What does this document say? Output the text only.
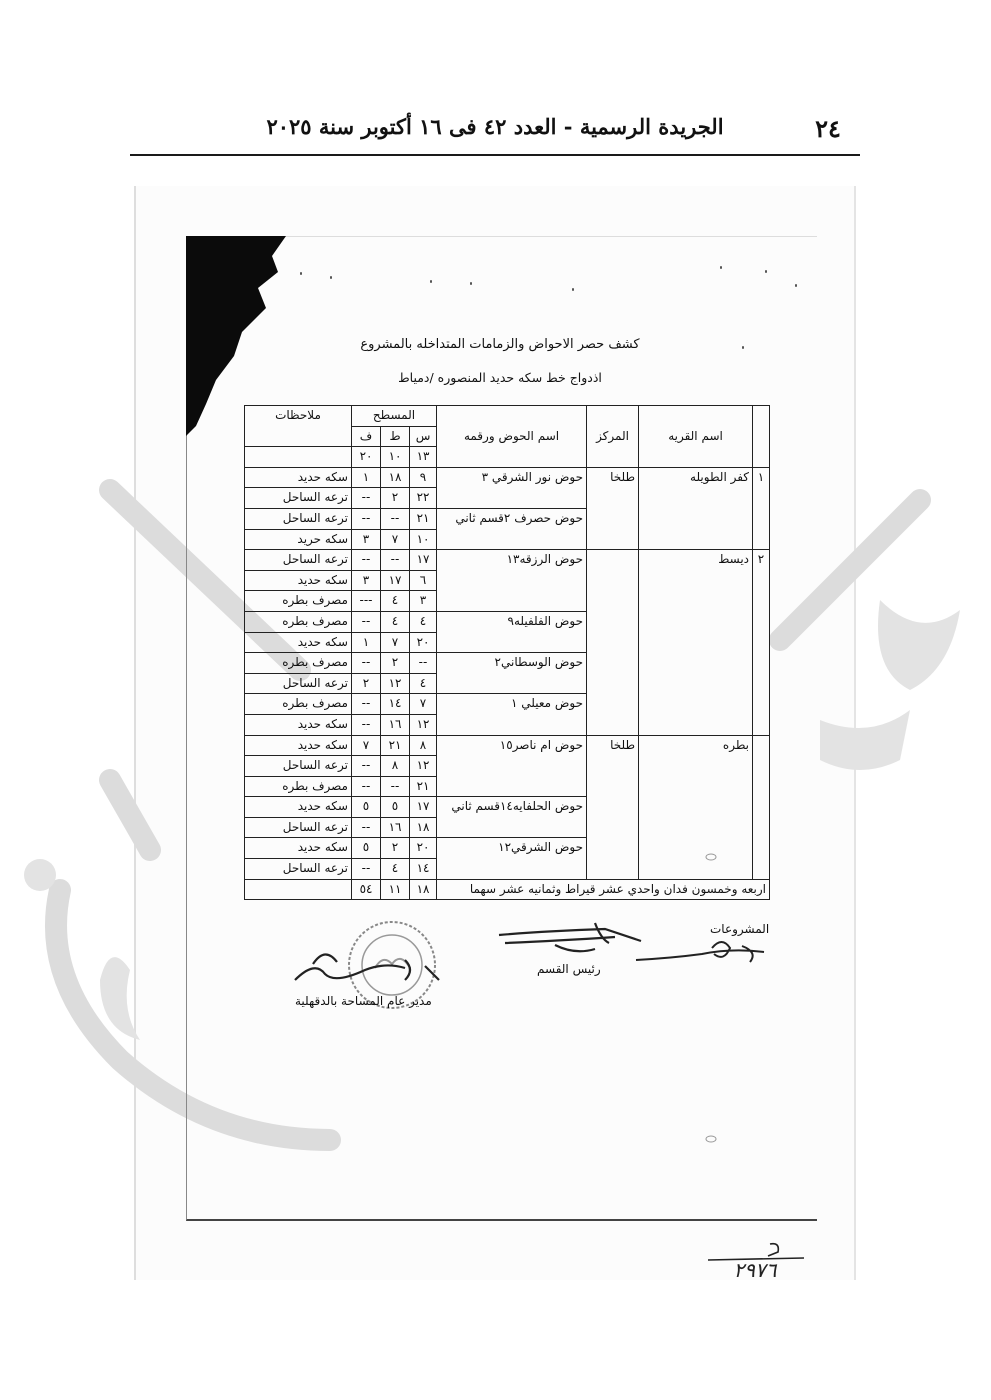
٢٤
الجريدة الرسمية - العدد ٤٢ فى ١٦ أكتوبر سنة ٢٠٢٥
كشف حصر الاحواض والزمامات المتداخله بالمشروع
اذدواج خط سكه حديد المنصوره /دمياط
	اسم القريه	المركز	اسم الحوض ورقمه	المسطح			ملاحظات
				س	ط	ف	
				١٣	١٠	٢٠	
١	كفر الطويله	طلخا	حوض نور الشرقي ٣	٩	١٨	١	سكه حديد
				٢٢	٢	--	ترعه الساحل
			حوض حصرف ٢قسم ثاني	٢١	--	--	ترعه الساحل
				١٠	٧	٣	سكه حريد
٢	ديسط		حوض الرزقه١٣	١٧	--	--	ترعه الساحل
				٦	١٧	٣	سكه حديد
				٣	٤	---	مصرف بطره
			حوض الفلفيله٩	٤	٤	--	مصرف بطره
				٢٠	٧	١	سكه حديد
			حوض الوسطاني٢	--	٢	--	مصرف بطره
				٤	١٢	٢	ترعه الساحل
			حوض معيلي ١	٧	١٤	--	مصرف بطره
				١٢	١٦	--	سكه حديد
	بطره	طلخا	حوض ام ناصر١٥	٨	٢١	٧	سكه حديد
				١٢	٨	--	ترعه الساحل
				٢١	--	--	مصرف بطره
			حوض الحلفايه١٤قسم ثاني	١٧	٥	٥	سكه حديد
				١٨	١٦	--	ترعه الساحل
			حوض الشرقي١٢	٢٠	٢	٥	سكه حديد
				١٤	٤	--	ترعه الساحل
اربعه وخمسون فدان واحدي عشر قيراط وثمانيه عشر سهما				١٨	١١	٥٤	
المشروعات
رئيس القسم
مدير عام المساحة بالدقهلية
٢٩٧٦
